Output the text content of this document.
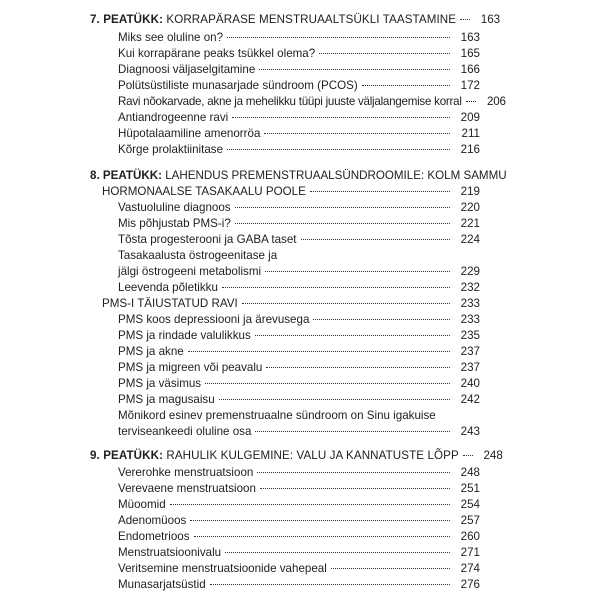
7. PEATÜKK: KORRAPÄRASE MENSTRUAALTSÜKLI TAASTAMINE	163
Miks see oluline on?	163
Kui korrapärane peaks tsükkel olema?	165
Diagnoosi väljaselgitamine	166
Polütsüstiliste munasarjade sündroom (PCOS)	172
Ravi nõokarvade, akne ja mehelikku tüüpi juuste väljalangemise korral	206
Antiandrogeenne ravi	209
Hüpotalaamiline amenorröa	211
Kõrge prolaktiinitase	216
8. PEATÜKK: LAHENDUS PREMENSTRUAALSÜNDROOMILE: KOLM SAMMU
HORMONAALSE TASAKAALU POOLE	219
Vastuoluline diagnoos	220
Mis põhjustab PMS-i?	221
Tõsta progesterooni ja GABA taset	224
Tasakaalusta östrogeenitase ja
jälgi östrogeeni metabolismi	229
Leevenda põletikku	232
PMS-I TÄIUSTATUD RAVI	233
PMS koos depressiooni ja ärevusega	233
PMS ja rindade valulikkus	235
PMS ja akne	237
PMS ja migreen või peavalu	237
PMS ja väsimus	240
PMS ja magusaisu	242
Mõnikord esinev premenstruaalne sündroom on Sinu igakuise
terviseankeedi oluline osa	243
9. PEATÜKK: RAHULIK KULGEMINE: VALU JA KANNATUSTE LÕPP	248
Vererohke menstruatsioon	248
Verevaene menstruatsioon	251
Müoomid	254
Adenomüoos	257
Endometrioos	260
Menstruatsioonivalu	271
Veritsemine menstruatsioonide vahepeal	274
Munasarjatsüstid	276
